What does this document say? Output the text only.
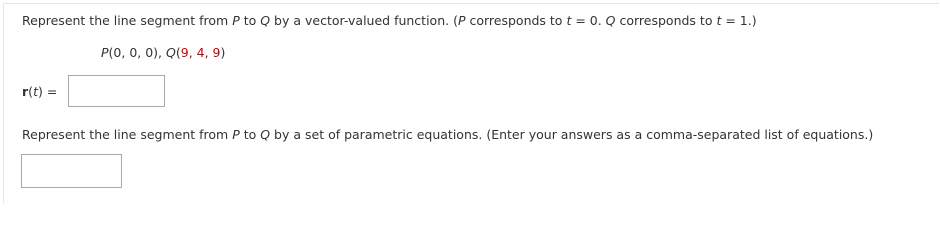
Represent the line segment from P to Q by a vector-valued function. (P corresponds to t = 0. Q corresponds to t = 1.)
P(0, 0, 0), Q(9, 4, 9)
r(t) =
Represent the line segment from P to Q by a set of parametric equations. (Enter your answers as a comma-separated list of equations.)
